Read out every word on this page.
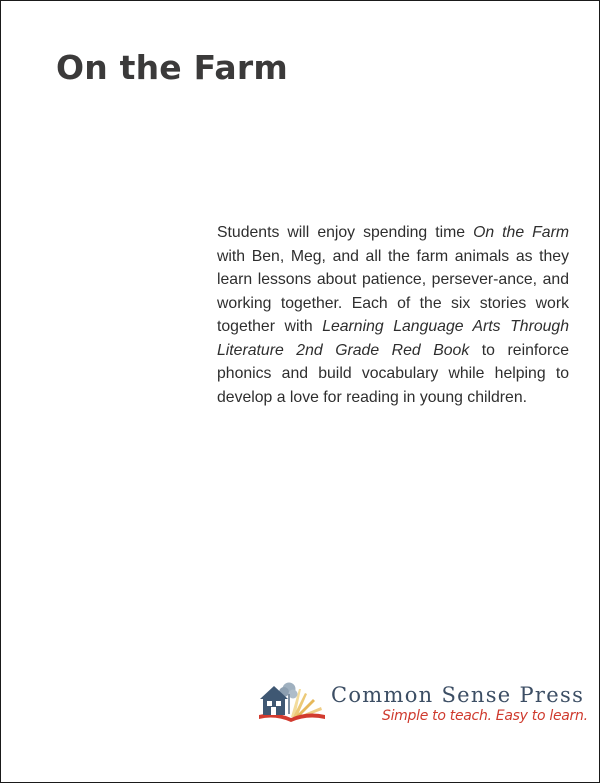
On the Farm

Students will enjoy spending time On the Farm with Ben, Meg, and all the farm animals as they learn lessons about patience, persever-ance, and working together. Each of the six stories work together with Learning Language Arts Through Literature 2nd Grade Red Book to reinforce phonics and build vocabulary while helping to develop a love for reading in young children.

Common Sense Press
Simple to teach. Easy to learn.
